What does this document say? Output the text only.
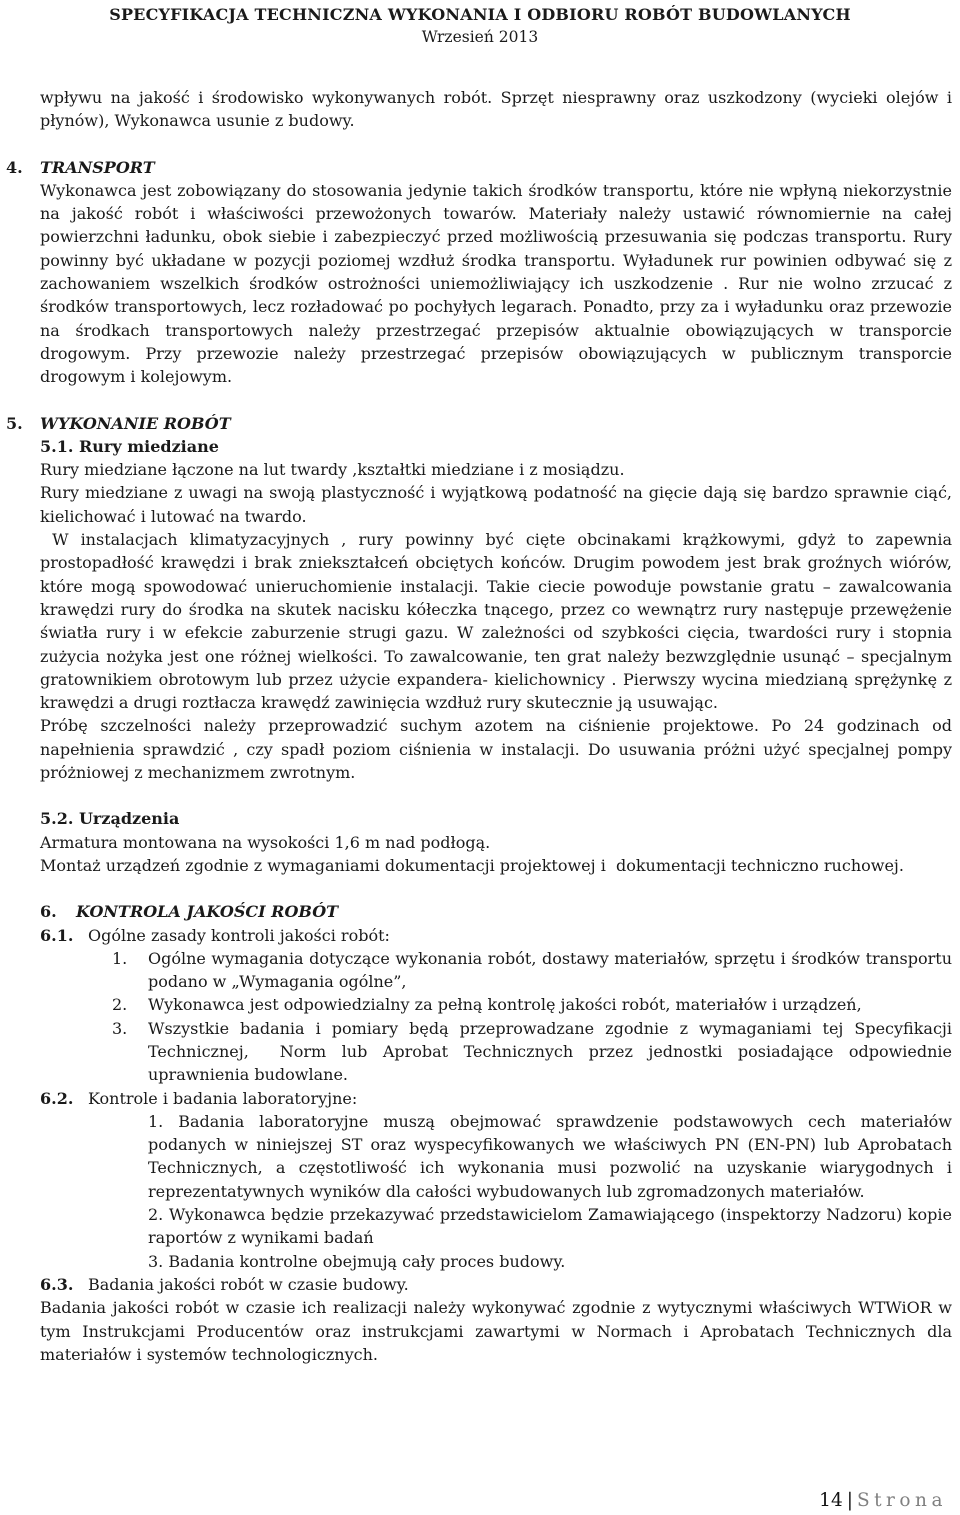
SPECYFIKACJA TECHNICZNA WYKONANIA I ODBIORU ROBÓT BUDOWLANYCH
Wrzesień 2013

wpływu na jakość i środowisko wykonywanych robót. Sprzęt niesprawny oraz uszkodzony (wycieki olejów i płynów), Wykonawca usunie z budowy.

4. TRANSPORT

Wykonawca jest zobowiązany do stosowania jedynie takich środków transportu, które nie wpłyną niekorzystnie na jakość robót i właściwości przewożonych towarów. Materiały należy ustawić równomiernie na całej powierzchni ładunku, obok siebie i zabezpieczyć przed możliwością przesuwania się podczas transportu. Rury powinny być układane w pozycji poziomej wzdłuż środka transportu. Wyładunek rur powinien odbywać się z zachowaniem wszelkich środków ostrożności uniemożliwiający ich uszkodzenie . Rur nie wolno zrzucać z środków transportowych, lecz rozładować po pochyłych legarach. Ponadto, przy za i wyładunku oraz przewozie na środkach transportowych należy przestrzegać przepisów aktualnie obowiązujących w transporcie drogowym. Przy przewozie należy przestrzegać przepisów obowiązujących w publicznym transporcie drogowym i kolejowym.

5. WYKONANIE ROBÓT

5.1. Rury miedziane

Rury miedziane łączone na lut twardy ,kształtki miedziane i z mosiądzu.

Rury miedziane z uwagi na swoją plastyczność i wyjątkową podatność na gięcie dają się bardzo sprawnie ciąć, kielichować i lutować na twardo.

W instalacjach klimatyzacyjnych , rury powinny być cięte obcinakami krążkowymi, gdyż to zapewnia prostopadłość krawędzi i brak zniekształceń obciętych końców. Drugim powodem jest brak groźnych wiórów, które mogą spowodować unieruchomienie instalacji. Takie ciecie powoduje powstanie gratu – zawalcowania krawędzi rury do środka na skutek nacisku kółeczka tnącego, przez co wewnątrz rury następuje przewężenie światła rury i w efekcie zaburzenie strugi gazu. W zależności od szybkości cięcia, twardości rury i stopnia zużycia nożyka jest one różnej wielkości. To zawalcowanie, ten grat należy bezwzględnie usunąć – specjalnym gratownikiem obrotowym lub przez użycie expandera- kielichownicy . Pierwszy wycina miedzianą sprężynkę z krawędzi a drugi roztłacza krawędź zawinięcia wzdłuż rury skutecznie ją usuwając.

Próbę szczelności należy przeprowadzić suchym azotem na ciśnienie projektowe. Po 24 godzinach od napełnienia sprawdzić , czy spadł poziom ciśnienia w instalacji. Do usuwania próżni użyć specjalnej pompy próżniowej z mechanizmem zwrotnym.

5.2. Urządzenia

Armatura montowana na wysokości 1,6 m nad podłogą.

Montaż urządzeń zgodnie z wymaganiami dokumentacji projektowej i  dokumentacji techniczno ruchowej.

6. KONTROLA JAKOŚCI ROBÓT

6.1. Ogólne zasady kontroli jakości robót:

1.	Ogólne wymagania dotyczące wykonania robót, dostawy materiałów, sprzętu i środków transportu podano w „Wymagania ogólne”,
2.	Wykonawca jest odpowiedzialny za pełną kontrolę jakości robót, materiałów i urządzeń,
3.	Wszystkie badania i pomiary będą przeprowadzane zgodnie z wymaganiami tej Specyfikacji Technicznej,  Norm lub Aprobat Technicznych przez jednostki posiadające odpowiednie uprawnienia budowlane.

6.2. Kontrole i badania laboratoryjne:

1. Badania laboratoryjne muszą obejmować sprawdzenie podstawowych cech materiałów podanych w niniejszej ST oraz wyspecyfikowanych we właściwych PN (EN-PN) lub Aprobatach Technicznych, a częstotliwość ich wykonania musi pozwolić na uzyskanie wiarygodnych i reprezentatywnych wyników dla całości wybudowanych lub zgromadzonych materiałów.

2. Wykonawca będzie przekazywać przedstawicielom Zamawiającego (inspektorzy Nadzoru) kopie raportów z wynikami badań

3. Badania kontrolne obejmują cały proces budowy.

6.3. Badania jakości robót w czasie budowy.

Badania jakości robót w czasie ich realizacji należy wykonywać zgodnie z wytycznymi właściwych WTWiOR w tym Instrukcjami Producentów oraz instrukcjami zawartymi w Normach i Aprobatach Technicznych dla materiałów i systemów technologicznych.

14 | Strona
